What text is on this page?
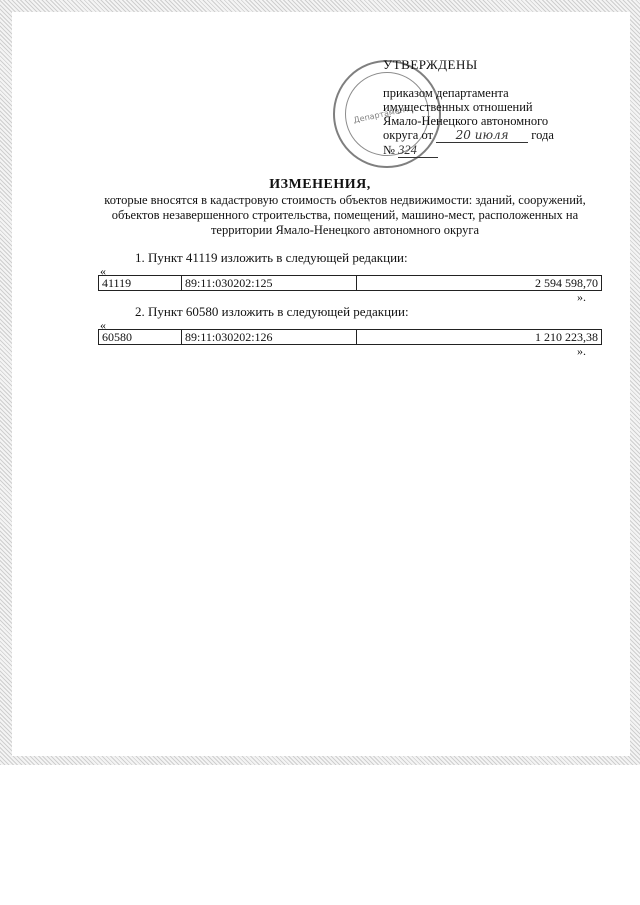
Департамент
УТВЕРЖДЕНЫ
приказом департамента
имущественных отношений
Ямало-Ненецкого автономного
округа от 20 июля года
№ 324
ИЗМЕНЕНИЯ,
которые вносятся в кадастровую стоимость объектов недвижимости: зданий, сооружений, объектов незавершенного строительства, помещений, машино-мест, расположенных на территории Ямало-Ненецкого автономного округа
1. Пункт 41119 изложить в следующей редакции:
«
41119	89:11:030202:125	2 594 598,70
».
2. Пункт 60580 изложить в следующей редакции:
«
60580	89:11:030202:126	1 210 223,38
».
